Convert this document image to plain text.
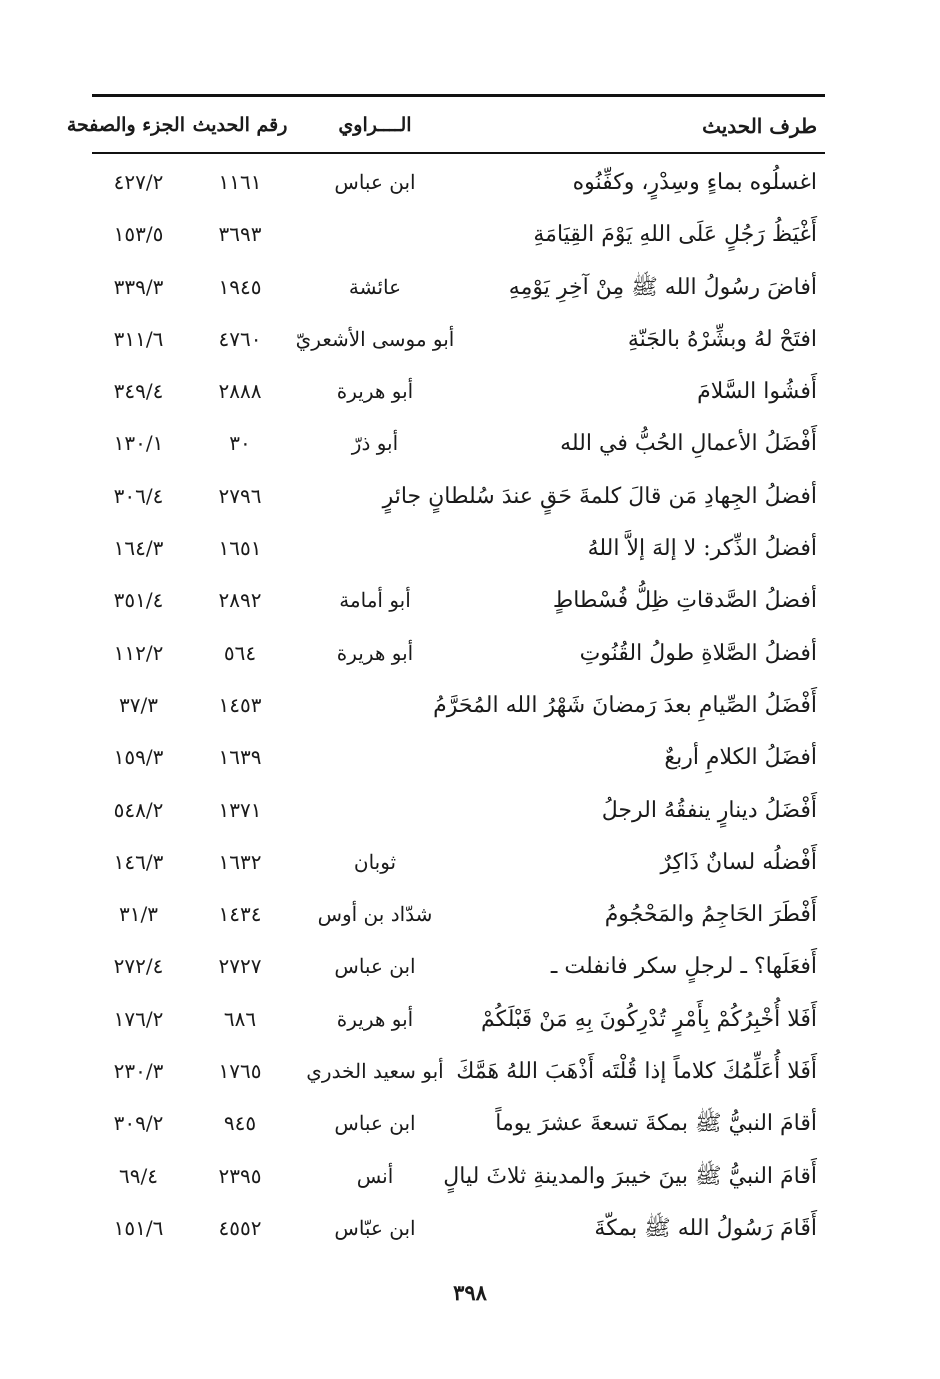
طرف الحديث
الــــراوي
رقم الحديث
الجزء والصفحة
اغسلُوه بماءٍ وسِدْرٍ، وكفِّنُوه
ابن عباس
١١٦١
٤٢٧/٢
أَغْيَظُ رَجُلٍ عَلَى اللهِ يَوْمَ القِيَامَةِ
٣٦٩٣
١٥٣/٥
أفاضَ رسُولُ الله ﷺ مِنْ آخِرِ يَوْمِهِ
عائشة
١٩٤٥
٣٣٩/٣
افتَحْ لهُ وبشِّرْهُ بالجَنّةِ
أبو موسى الأشعريّ
٤٧٦٠
٣١١/٦
أَفشُوا السَّلامَ
أبو هريرة
٢٨٨٨
٣٤٩/٤
أَفْضَلُ الأعمالِ الحُبُّ في الله
أبو ذرّ
٣٠
١٣٠/١
أفضلُ الجِهادِ مَن قالَ كلمةَ حَقٍ عندَ سُلطانٍ جائرٍ
٢٧٩٦
٣٠٦/٤
أفضلُ الذِّكر: لا إلهَ إلاَّ اللهُ
١٦٥١
١٦٤/٣
أفضلُ الصَّدقاتِ ظِلُّ فُسْطاطٍ
أبو أمامة
٢٨٩٢
٣٥١/٤
أفضلُ الصَّلاةِ طولُ القُنُوتِ
أبو هريرة
٥٦٤
١١٢/٢
أَفْضَلُ الصِّيامِ بعدَ رَمضانَ شَهْرُ الله المُحَرَّمُ
١٤٥٣
٣٧/٣
أفضَلُ الكلامِ أربعٌ
١٦٣٩
١٥٩/٣
أَفْضَلُ دينارٍ ينفقُهُ الرجلُ
١٣٧١
٥٤٨/٢
أَفْضلُه لسانٌ ذَاكِرٌ
ثوبان
١٦٣٢
١٤٦/٣
أَفْطَرَ الحَاجِمُ والمَحْجُومُ
شدّاد بن أوس
١٤٣٤
٣١/٣
أَفعَلَها؟ ـ لرجلٍ سكر فانفلت ـ
ابن عباس
٢٧٢٧
٢٧٢/٤
أَفَلا أُخْبِرُكُمْ بِأَمْرٍ تُدْرِكُونَ بِهِ مَنْ قَبْلَكُمْ
أبو هريرة
٦٨٦
١٧٦/٢
أَفَلا أُعَلِّمُكَ كلاماً إذا قُلْتَه أَذْهَبَ اللهُ هَمَّكَ
أبو سعيد الخدري
١٧٦٥
٢٣٠/٣
أقامَ النبيُّ ﷺ بمكةَ تسعةَ عشرَ يوماً
ابن عباس
٩٤٥
٣٠٩/٢
أَقامَ النبيُّ ﷺ بينَ خيبرَ والمدينةِ ثلاثَ ليالٍ
أنس
٢٣٩٥
٦٩/٤
أَقَامَ رَسُولُ الله ﷺ بمكّةَ
ابن عبّاس
٤٥٥٢
١٥١/٦
٣٩٨
